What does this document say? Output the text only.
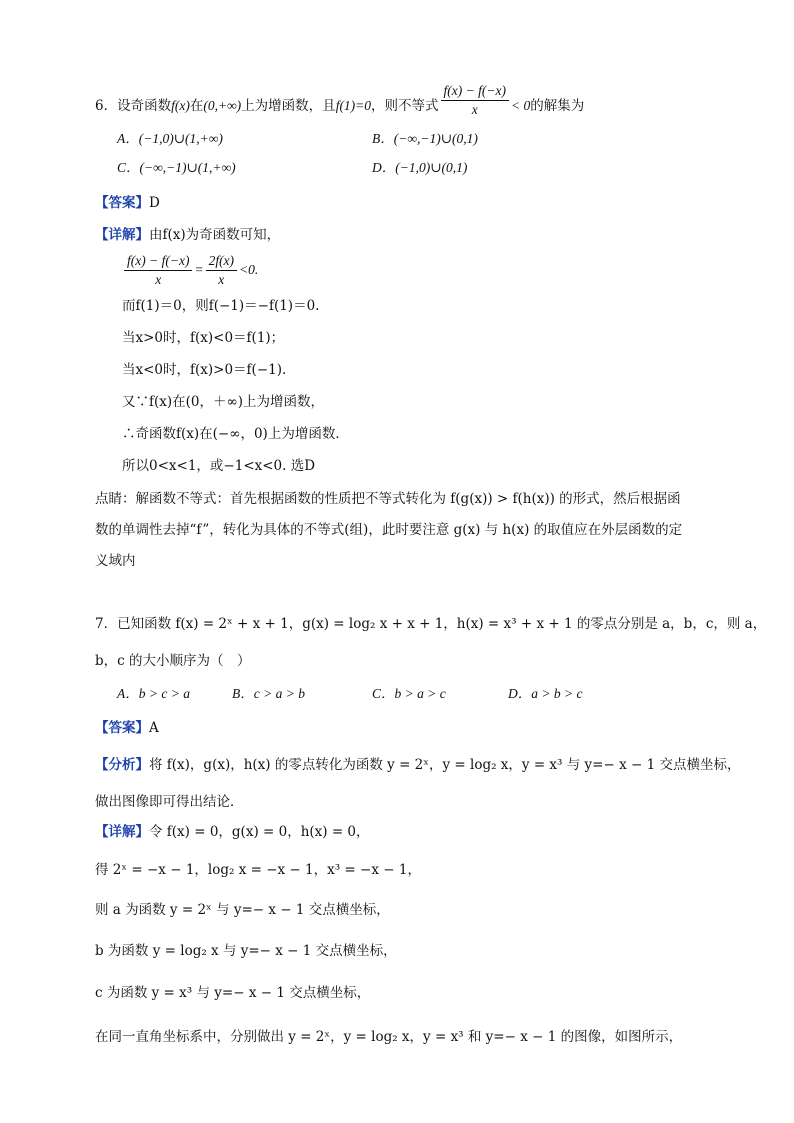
6．设奇函数f(x)在(0,+∞)上为增函数，且f(1)=0，则不等式 $\frac{f(x) - f(-x)}{x} < 0$的解集为
A．(−1,0)∪(1,+∞)	B．(−∞,−1)∪(0,1)
C．(−∞,−1)∪(1,+∞)	D．(−1,0)∪(0,1)
【答案】D
【详解】由f(x)为奇函数可知，
$\frac{f(x) - f(-x)}{x} = \frac{2f(x)}{x} <0$.
而f(1)＝0，则f(−1)＝−f(1)＝0.
当x>0时，f(x)<0＝f(1)；
当x<0时，f(x)>0＝f(−1).
又∵f(x)在(0，＋∞)上为增函数，
∴奇函数f(x)在(−∞，0)上为增函数．
所以0<x<1，或−1<x<0. 选D
点睛：解函数不等式：首先根据函数的性质把不等式转化为 f(g(x)) > f(h(x)) 的形式，然后根据函
数的单调性去掉“f”，转化为具体的不等式(组)，此时要注意 g(x) 与 h(x) 的取值应在外层函数的定
义域内
7．已知函数 f(x) = 2ˣ + x + 1，g(x) = log₂ x + x + 1，h(x) = x³ + x + 1 的零点分别是 a，b，c，则 a，
b，c 的大小顺序为（　）
A．b > c > a	B．c > a > b	C．b > a > c	D．a > b > c
【答案】A
【分析】将 f(x)，g(x)，h(x) 的零点转化为函数 y = 2ˣ，y = log₂ x，y = x³ 与 y=− x − 1 交点横坐标，
做出图像即可得出结论．
【详解】令 f(x) = 0，g(x) = 0，h(x) = 0，
得 2ˣ = −x − 1，log₂ x = −x − 1，x³ = −x − 1，
则 a 为函数 y = 2ˣ 与 y=− x − 1 交点横坐标，
b 为函数 y = log₂ x 与 y=− x − 1 交点横坐标，
c 为函数 y = x³ 与 y=− x − 1 交点横坐标，
在同一直角坐标系中，分别做出 y = 2ˣ，y = log₂ x，y = x³ 和 y=− x − 1 的图像，如图所示，
